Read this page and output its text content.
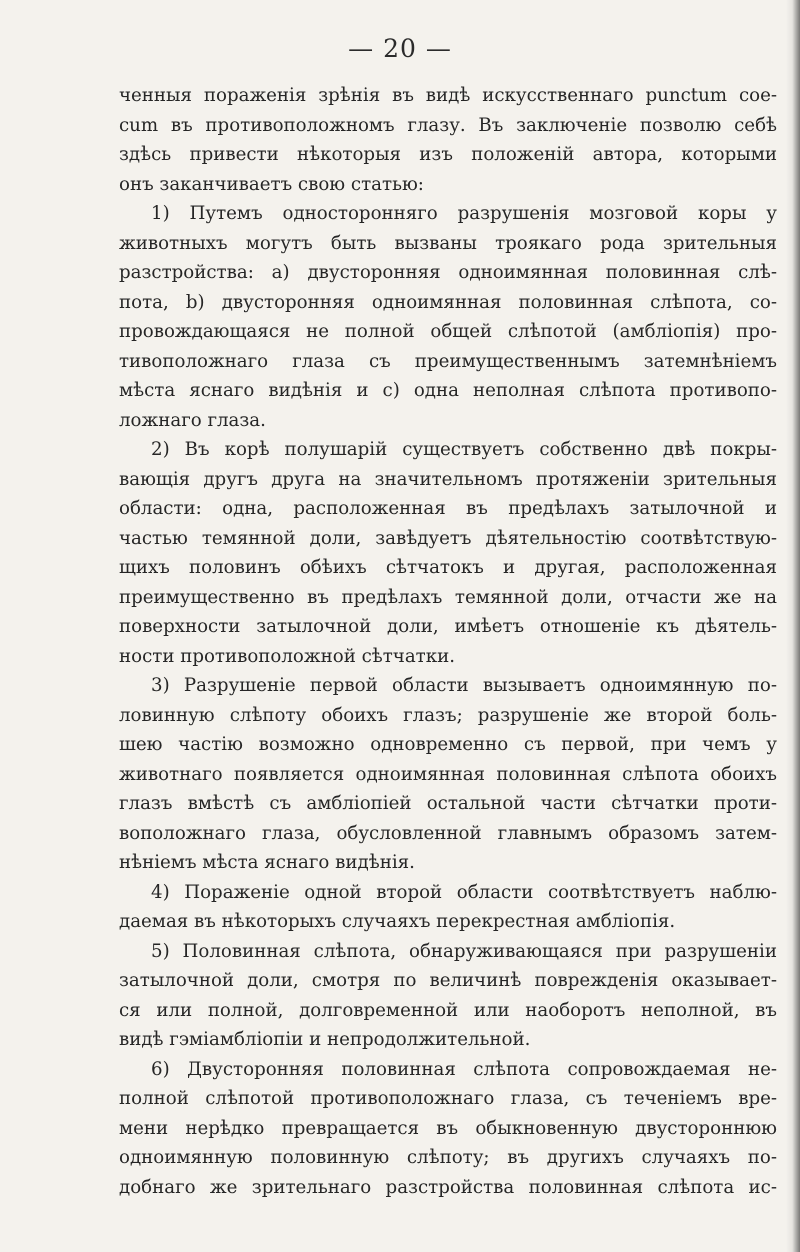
— 20 —
ченныя пораженія зрѣнія въ видѣ искусственнаго punctum cое-
cum въ противоположномъ глазу. Въ заключеніе позволю себѣ
здѣсь привести нѣкоторыя изъ положеній автора, которыми
онъ заканчиваетъ свою статью:
1) Путемъ односторонняго разрушенія мозговой коры у
животныхъ могутъ быть вызваны троякаго рода зрительныя
разстройства: a) двусторонняя одноимянная половинная слѣ-
пота, b) двусторонняя одноимянная половинная слѣпота, со-
провождающаяся не полной общей слѣпотой (амбліопія) про-
тивоположнаго глаза съ преимущественнымъ затемнѣніемъ
мѣста яснаго видѣнія и c) одна неполная слѣпота противопо-
ложнаго глаза.
2) Въ корѣ полушарій существуетъ собственно двѣ покры-
вающія другъ друга на значительномъ протяженіи зрительныя
области: одна, расположенная въ предѣлахъ затылочной и
частью темянной доли, завѣдуетъ дѣятельностію соотвѣтствую-
щихъ половинъ обѣихъ сѣтчатокъ и другая, расположенная
преимущественно въ предѣлахъ темянной доли, отчасти же на
поверхности затылочной доли, имѣетъ отношеніе къ дѣятель-
ности противоположной сѣтчатки.
3) Разрушеніе первой области вызываетъ одноимянную по-
ловинную слѣпоту обоихъ глазъ; разрушеніе же второй боль-
шею частію возможно одновременно съ первой, при чемъ у
животнаго появляется одноимянная половинная слѣпота обоихъ
глазъ вмѣстѣ съ амбліопіей остальной части сѣтчатки проти-
воположнаго глаза, обусловленной главнымъ образомъ затем-
нѣніемъ мѣста яснаго видѣнія.
4) Пораженіе одной второй области соотвѣтствуетъ наблю-
даемая въ нѣкоторыхъ случаяхъ перекрестная амбліопія.
5) Половинная слѣпота, обнаруживающаяся при разрушеніи
затылочной доли, смотря по величинѣ поврежденія оказывает-
ся или полной, долговременной или наоборотъ неполной, въ
видѣ гэміамбліопіи и непродолжительной.
6) Двусторонняя половинная слѣпота сопровождаемая не-
полной слѣпотой противоположнаго глаза, съ теченіемъ вре-
мени нерѣдко превращается въ обыкновенную двустороннюю
одноимянную половинную слѣпоту; въ другихъ случаяхъ по-
добнаго же зрительнаго разстройства половинная слѣпота ис-
